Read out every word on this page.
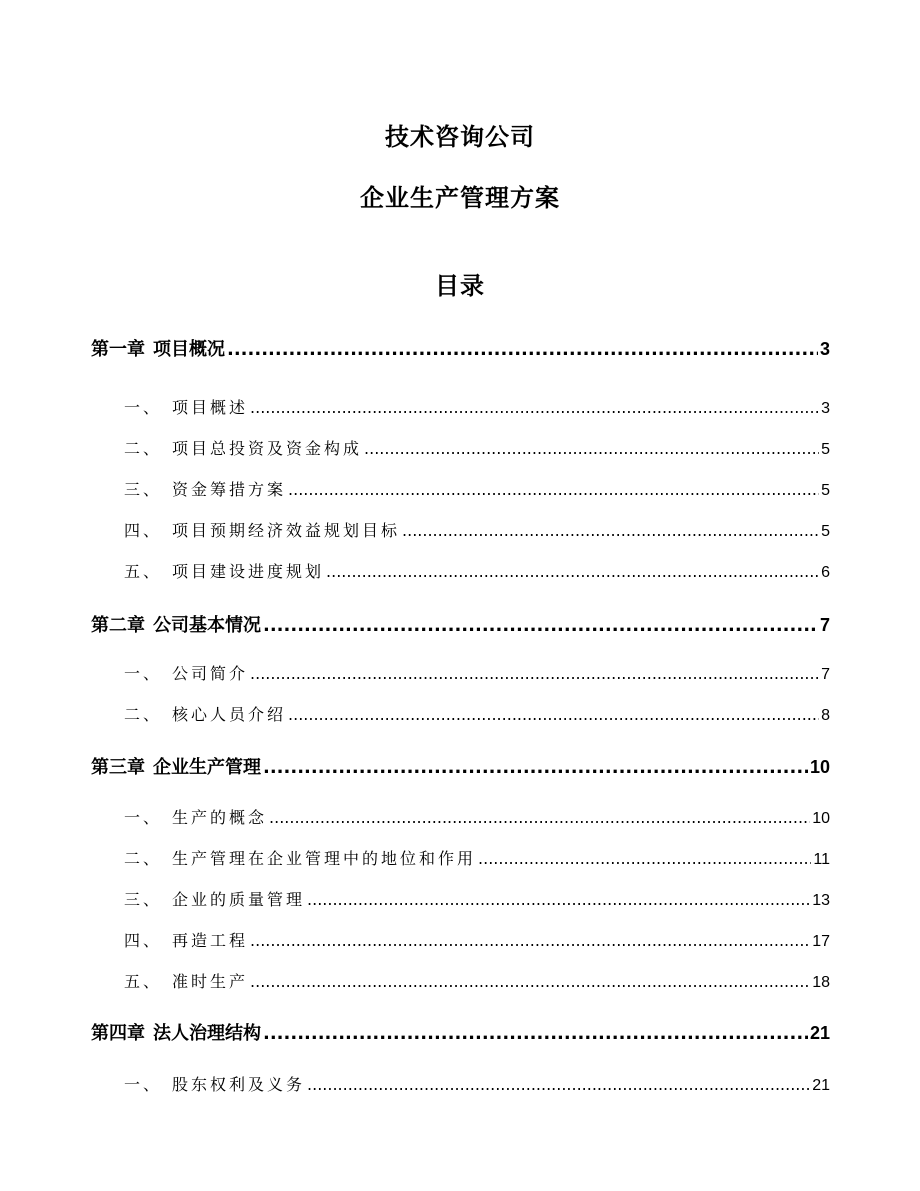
技术咨询公司
企业生产管理方案
目录
第一章 项目概况 .....	3
一、 项目概述 .....	3
二、 项目总投资及资金构成 .....	5
三、 资金筹措方案 .....	5
四、 项目预期经济效益规划目标 .....	5
五、 项目建设进度规划 .....	6
第二章 公司基本情况 .....	7
一、 公司简介 .....	7
二、 核心人员介绍 .....	8
第三章 企业生产管理 .....	10
一、 生产的概念 .....	10
二、 生产管理在企业管理中的地位和作用 .....	11
三、 企业的质量管理 .....	13
四、 再造工程 .....	17
五、 准时生产 .....	18
第四章 法人治理结构 .....	21
一、 股东权利及义务 .....	21
